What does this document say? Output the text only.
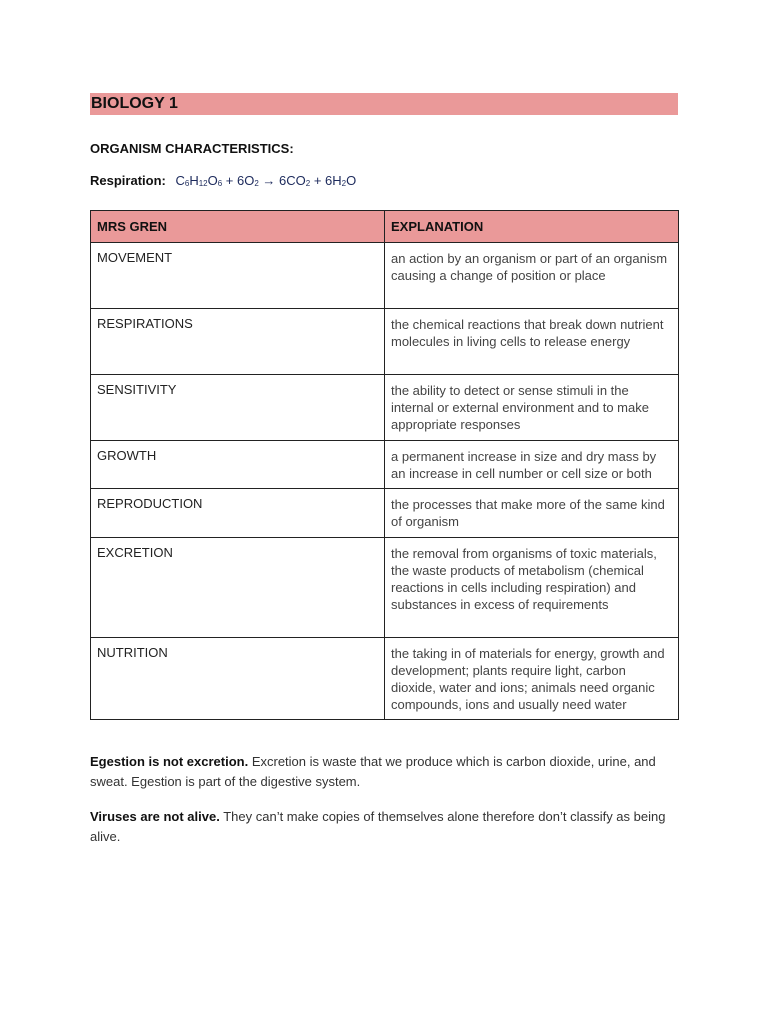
BIOLOGY 1
ORGANISM CHARACTERISTICS:
Respiration: $C_6H_{12}O_6 + 6O_2 \to 6CO_2 + 6H_2O$
MRS GREN	EXPLANATION
MOVEMENT	an action by an organism or part of an organism causing a change of position or place
RESPIRATIONS	the chemical reactions that break down nutrient molecules in living cells to release energy
SENSITIVITY	the ability to detect or sense stimuli in the internal or external environment and to make appropriate responses
GROWTH	a permanent increase in size and dry mass by an increase in cell number or cell size or both
REPRODUCTION	the processes that make more of the same kind of organism
EXCRETION	the removal from organisms of toxic materials, the waste products of metabolism (chemical reactions in cells including respiration) and substances in excess of requirements
NUTRITION	the taking in of materials for energy, growth and development; plants require light, carbon dioxide, water and ions; animals need organic compounds, ions and usually need water
Egestion is not excretion. Excretion is waste that we produce which is carbon dioxide, urine, and sweat. Egestion is part of the digestive system.
Viruses are not alive. They can’t make copies of themselves alone therefore don’t classify as being alive.
